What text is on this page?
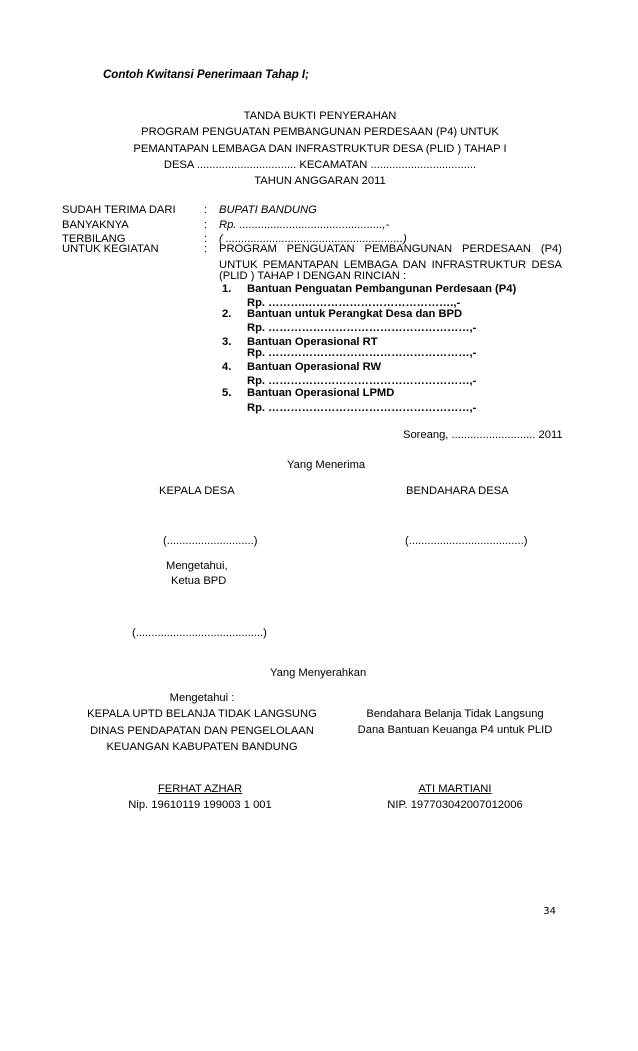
Contoh Kwitansi Penerimaan Tahap I;
TANDA BUKTI PENYERAHAN
PROGRAM PENGUATAN PEMBANGUNAN PERDESAAN (P4) UNTUK
PEMANTAPAN LEMBAGA DAN INFRASTRUKTUR DESA (PLID ) TAHAP I
DESA ................................ KECAMATAN ..................................
TAHUN ANGGARAN 2011
SUDAH TERIMA DARI	: BUPATI BANDUNG
BANYAKNYA	: Rp. ..............................................,-
TERBILANG	: ( .........................................................)
UNTUK KEGIATAN	: PROGRAM PENGUATAN PEMBANGUNAN PERDESAAN (P4)
UNTUK PEMANTAPAN LEMBAGA DAN INFRASTRUKTUR DESA
(PLID ) TAHAP I DENGAN RINCIAN :
1. Bantuan Penguatan Pembangunan Perdesaan (P4)
Rp. ……….………………………………….,-
2. Bantuan untuk Perangkat Desa dan BPD
Rp. ………………………………………………,-
3. Bantuan Operasional RT
Rp. ………………………………………………,-
4. Bantuan Operasional RW
Rp. ………………………………………………,-
5. Bantuan Operasional LPMD
Rp. ………………………………………………,-
Soreang, ........................... 2011
Yang Menerima
KEPALA DESA	BENDAHARA DESA
(............................)	(.....................................)
Mengetahui,
Ketua BPD
(.........................................)
Yang Menyerahkan
Mengetahui :
KEPALA UPTD BELANJA TIDAK LANGSUNG
DINAS PENDAPATAN DAN PENGELOLAAN
KEUANGAN KABUPATEN BANDUNG
Bendahara Belanja Tidak Langsung
Dana Bantuan Keuanga P4 untuk PLID
FERHAT AZHAR
Nip. 19610119 199003 1 001
ATI MARTIANI
NIP. 197703042007012006
34
